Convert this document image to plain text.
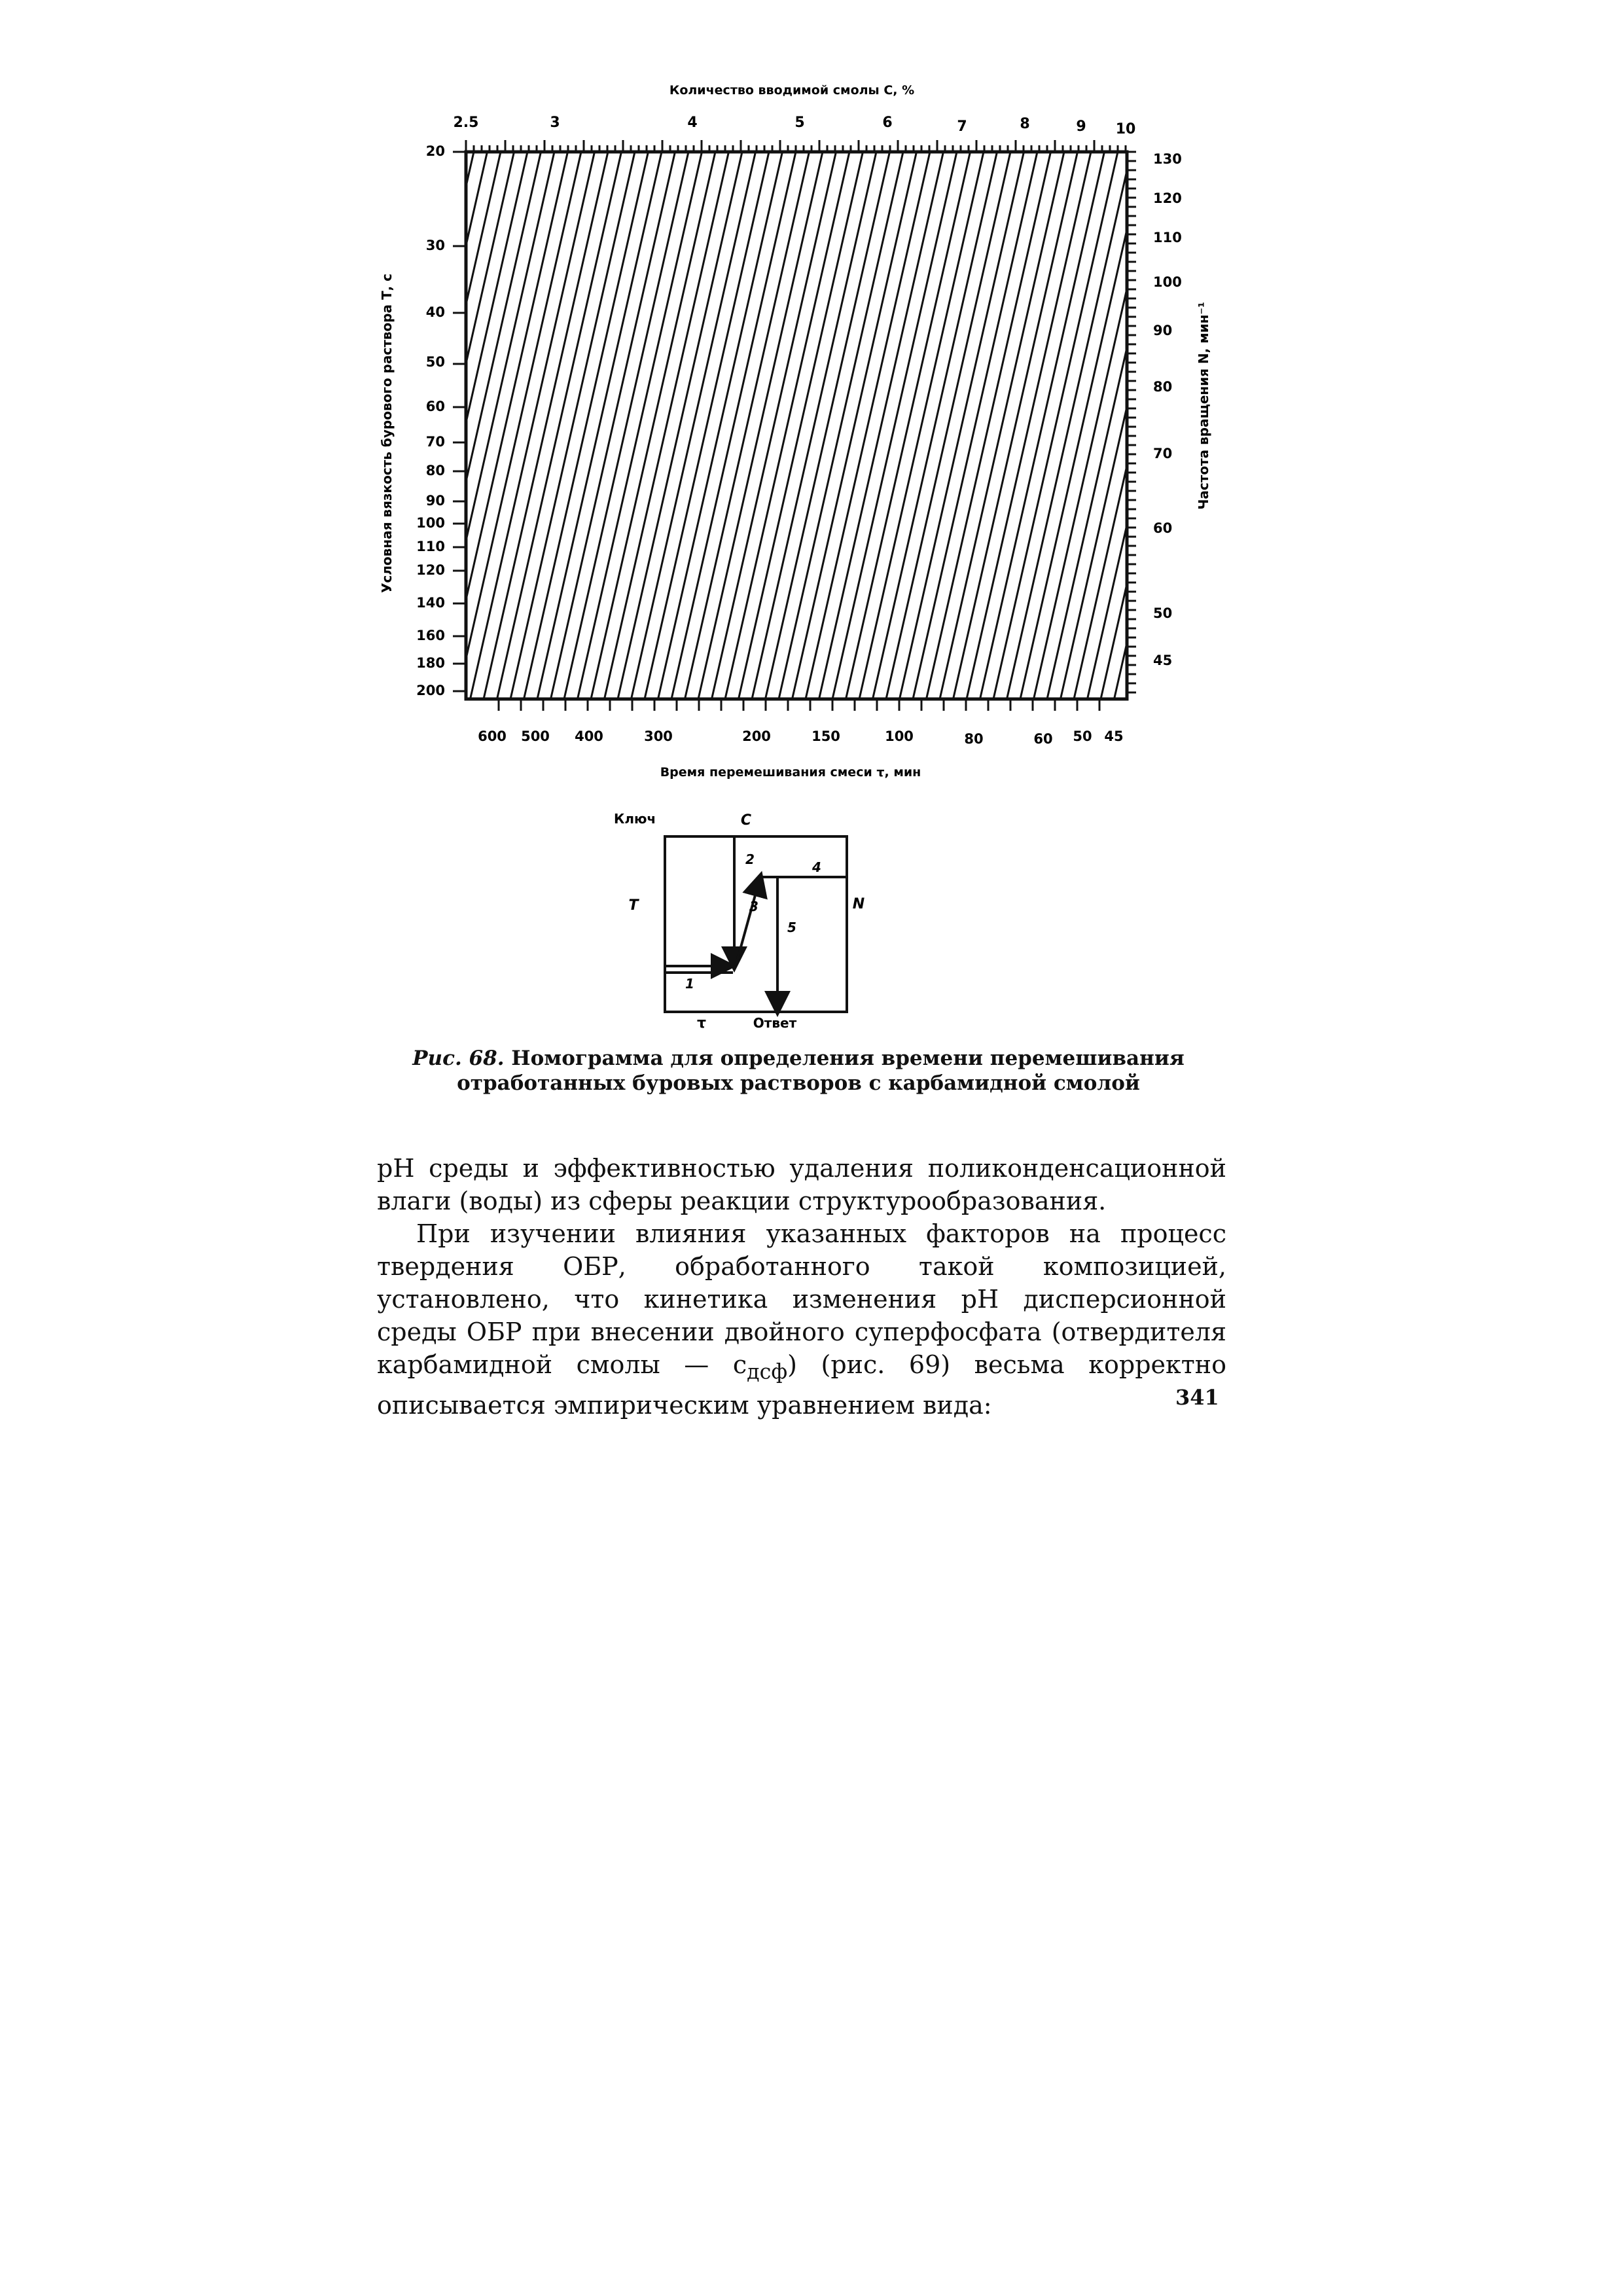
Количество вводимой смолы С, %
2.5	3	4	5	6	7	8	9 10
Условная вязкость бурового раствора Т, с
20
30
40
50
60
70
80
90
100
110
120
140
160
180
200
Частота вращения N, мин⁻¹
130
120
110
100
90
80
70
60
50
45
600 500 400	300	200	150	100	80	60 50 45
Время перемешивания смеси τ, мин
Ключ	C
T	N
τ	Ответ
1
2
3
4
5
Рис. 68. Номограмма для определения времени перемешивания отработанных буровых растворов с карбамидной смолой

pH среды и эффективностью удаления поликонденсационной влаги (воды) из сферы реакции структурообразования.

При изучении влияния указанных факторов на процесс твердения ОБР, обработанного такой композицией, установлено, что кинетика изменения pH дисперсионной среды ОБР при внесении двойного суперфосфата (отвердителя карбамидной смолы — $c_{дсф}$) (рис. 69) весьма корректно описывается эмпирическим уравнением вида:	341
